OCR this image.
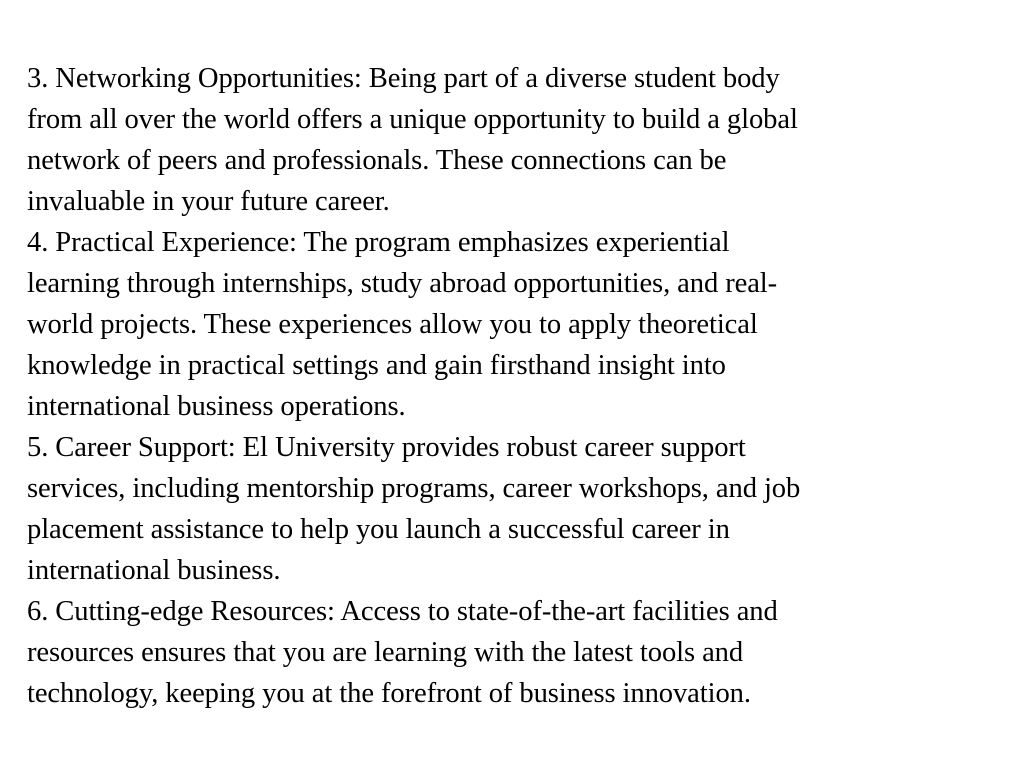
3. Networking Opportunities: Being part of a diverse student body
from all over the world offers a unique opportunity to build a global
network of peers and professionals. These connections can be
invaluable in your future career.
4. Practical Experience: The program emphasizes experiential
learning through internships, study abroad opportunities, and real-
world projects. These experiences allow you to apply theoretical
knowledge in practical settings and gain firsthand insight into
international business operations.
5. Career Support: El University provides robust career support
services, including mentorship programs, career workshops, and job
placement assistance to help you launch a successful career in
international business.
6. Cutting-edge Resources: Access to state-of-the-art facilities and
resources ensures that you are learning with the latest tools and
technology, keeping you at the forefront of business innovation.
